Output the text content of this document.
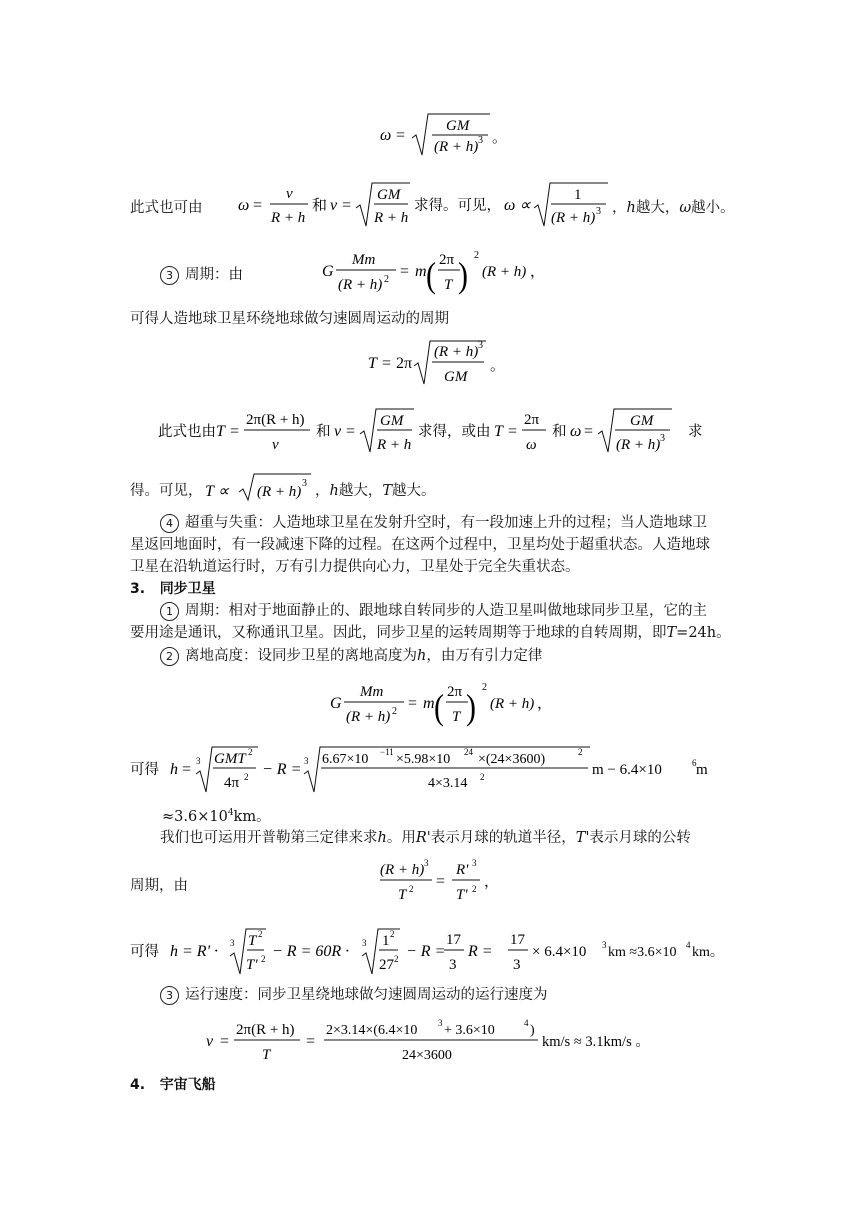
ω =
GM
(R + h) 3 。
此式也可由 ω =
v
R + h
和 v =
GM
R + h
求得。可见， ω ∝
1
(R + h) 3 ，h越大，ω越小。
3 周期：由	G
Mm
(R + h) 2 = m ( 2π
T )
2
(R + h) ，
可得人造地球卫星环绕地球做匀速圆周运动的周期
T = 2π
(R + h) 3
GM
。
此式也由 T =
2π(R + h)
v
和 v =
GM
R + h
求得，或由 T =
2π
ω
和 ω =
GM
(R + h) 3 求
得。可见， T ∝ (R + h)
3 ，h越大，T越大。
4 超重与失重：人造地球卫星在发射升空时，有一段加速上升的过程；当人造地球卫
星返回地面时，有一段减速下降的过程。在这两个过程中，卫星均处于超重状态。人造地球
卫星在沿轨道运行时，万有引力提供向心力，卫星处于完全失重状态。
3. 同步卫星
1 周期：相对于地面静止的、跟地球自转同步的人造卫星叫做地球同步卫星，它的主
要用途是通讯，又称通讯卫星。因此，同步卫星的运转周期等于地球的自转周期，即T=24h。
2 离地高度：设同步卫星的离地高度为h，由万有引力定律
G
Mm
(R + h) 2 = m ( 2π
T )
2
(R + h) ，
可得 h = 3 GMT 2
4π 2 − R = 3 6.67×10 −11 ×5.98×10 24 ×(24×3600)	2
4×3.14 2	m − 6.4×10	6 m
$\approx 3.6\times 10^4km$。
我们也可运用开普勒第三定律来求h。用R'表示月球的轨道半径，T'表示月球的公转
周期，由
(R + h) 3
T 2 =
R' 3
T' 2 ，
可得 h = R' · 3 T 2
T' 2 − R = 60R · 3 1 2
27 2 − R =
17
3
R =
17
3
× 6.4×10 3 km ≈3.6×10 4 km。
3 运行速度：同步卫星绕地球做匀速圆周运动的运行速度为
v =
2π(R + h)
T
=
2×3.14×(6.4×10 3 + 3.6×10	4 )
24×3600
km/s ≈ 3.1km/s 。
4. 宇宙飞船
